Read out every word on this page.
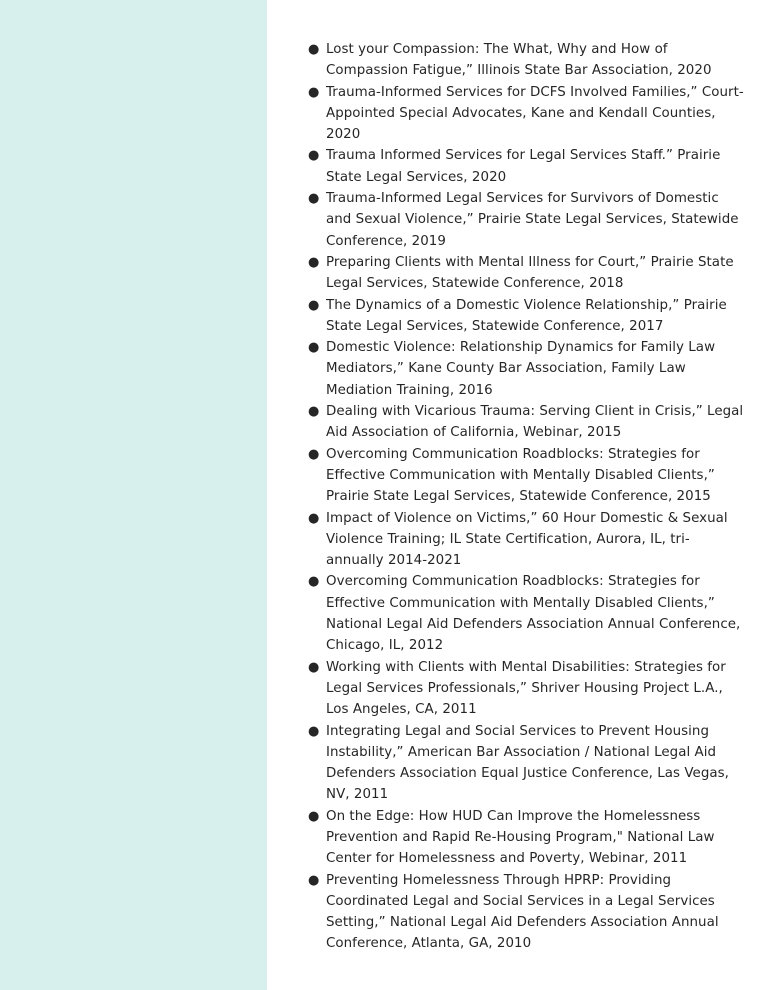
● Lost your Compassion: The What, Why and How of Compassion Fatigue,” Illinois State Bar Association, 2020
● Trauma-Informed Services for DCFS Involved Families,” Court-Appointed Special Advocates, Kane and Kendall Counties, 2020
● Trauma Informed Services for Legal Services Staff.” Prairie State Legal Services, 2020
● Trauma-Informed Legal Services for Survivors of Domestic and Sexual Violence,” Prairie State Legal Services, Statewide Conference, 2019
● Preparing Clients with Mental Illness for Court,” Prairie State Legal Services, Statewide Conference, 2018
● The Dynamics of a Domestic Violence Relationship,” Prairie State Legal Services, Statewide Conference, 2017
● Domestic Violence: Relationship Dynamics for Family Law Mediators,” Kane County Bar Association, Family Law Mediation Training, 2016
● Dealing with Vicarious Trauma: Serving Client in Crisis,” Legal Aid Association of California, Webinar, 2015
● Overcoming Communication Roadblocks: Strategies for Effective Communication with Mentally Disabled Clients,” Prairie State Legal Services, Statewide Conference, 2015
● Impact of Violence on Victims,” 60 Hour Domestic & Sexual Violence Training; IL State Certification, Aurora, IL, tri-annually 2014-2021
● Overcoming Communication Roadblocks: Strategies for Effective Communication with Mentally Disabled Clients,” National Legal Aid Defenders Association Annual Conference, Chicago, IL, 2012
● Working with Clients with Mental Disabilities: Strategies for Legal Services Professionals,” Shriver Housing Project L.A., Los Angeles, CA, 2011
● Integrating Legal and Social Services to Prevent Housing Instability,” American Bar Association / National Legal Aid Defenders Association Equal Justice Conference, Las Vegas, NV, 2011
● On the Edge: How HUD Can Improve the Homelessness Prevention and Rapid Re-Housing Program," National Law Center for Homelessness and Poverty, Webinar, 2011
● Preventing Homelessness Through HPRP: Providing Coordinated Legal and Social Services in a Legal Services Setting,” National Legal Aid Defenders Association Annual Conference, Atlanta, GA, 2010
